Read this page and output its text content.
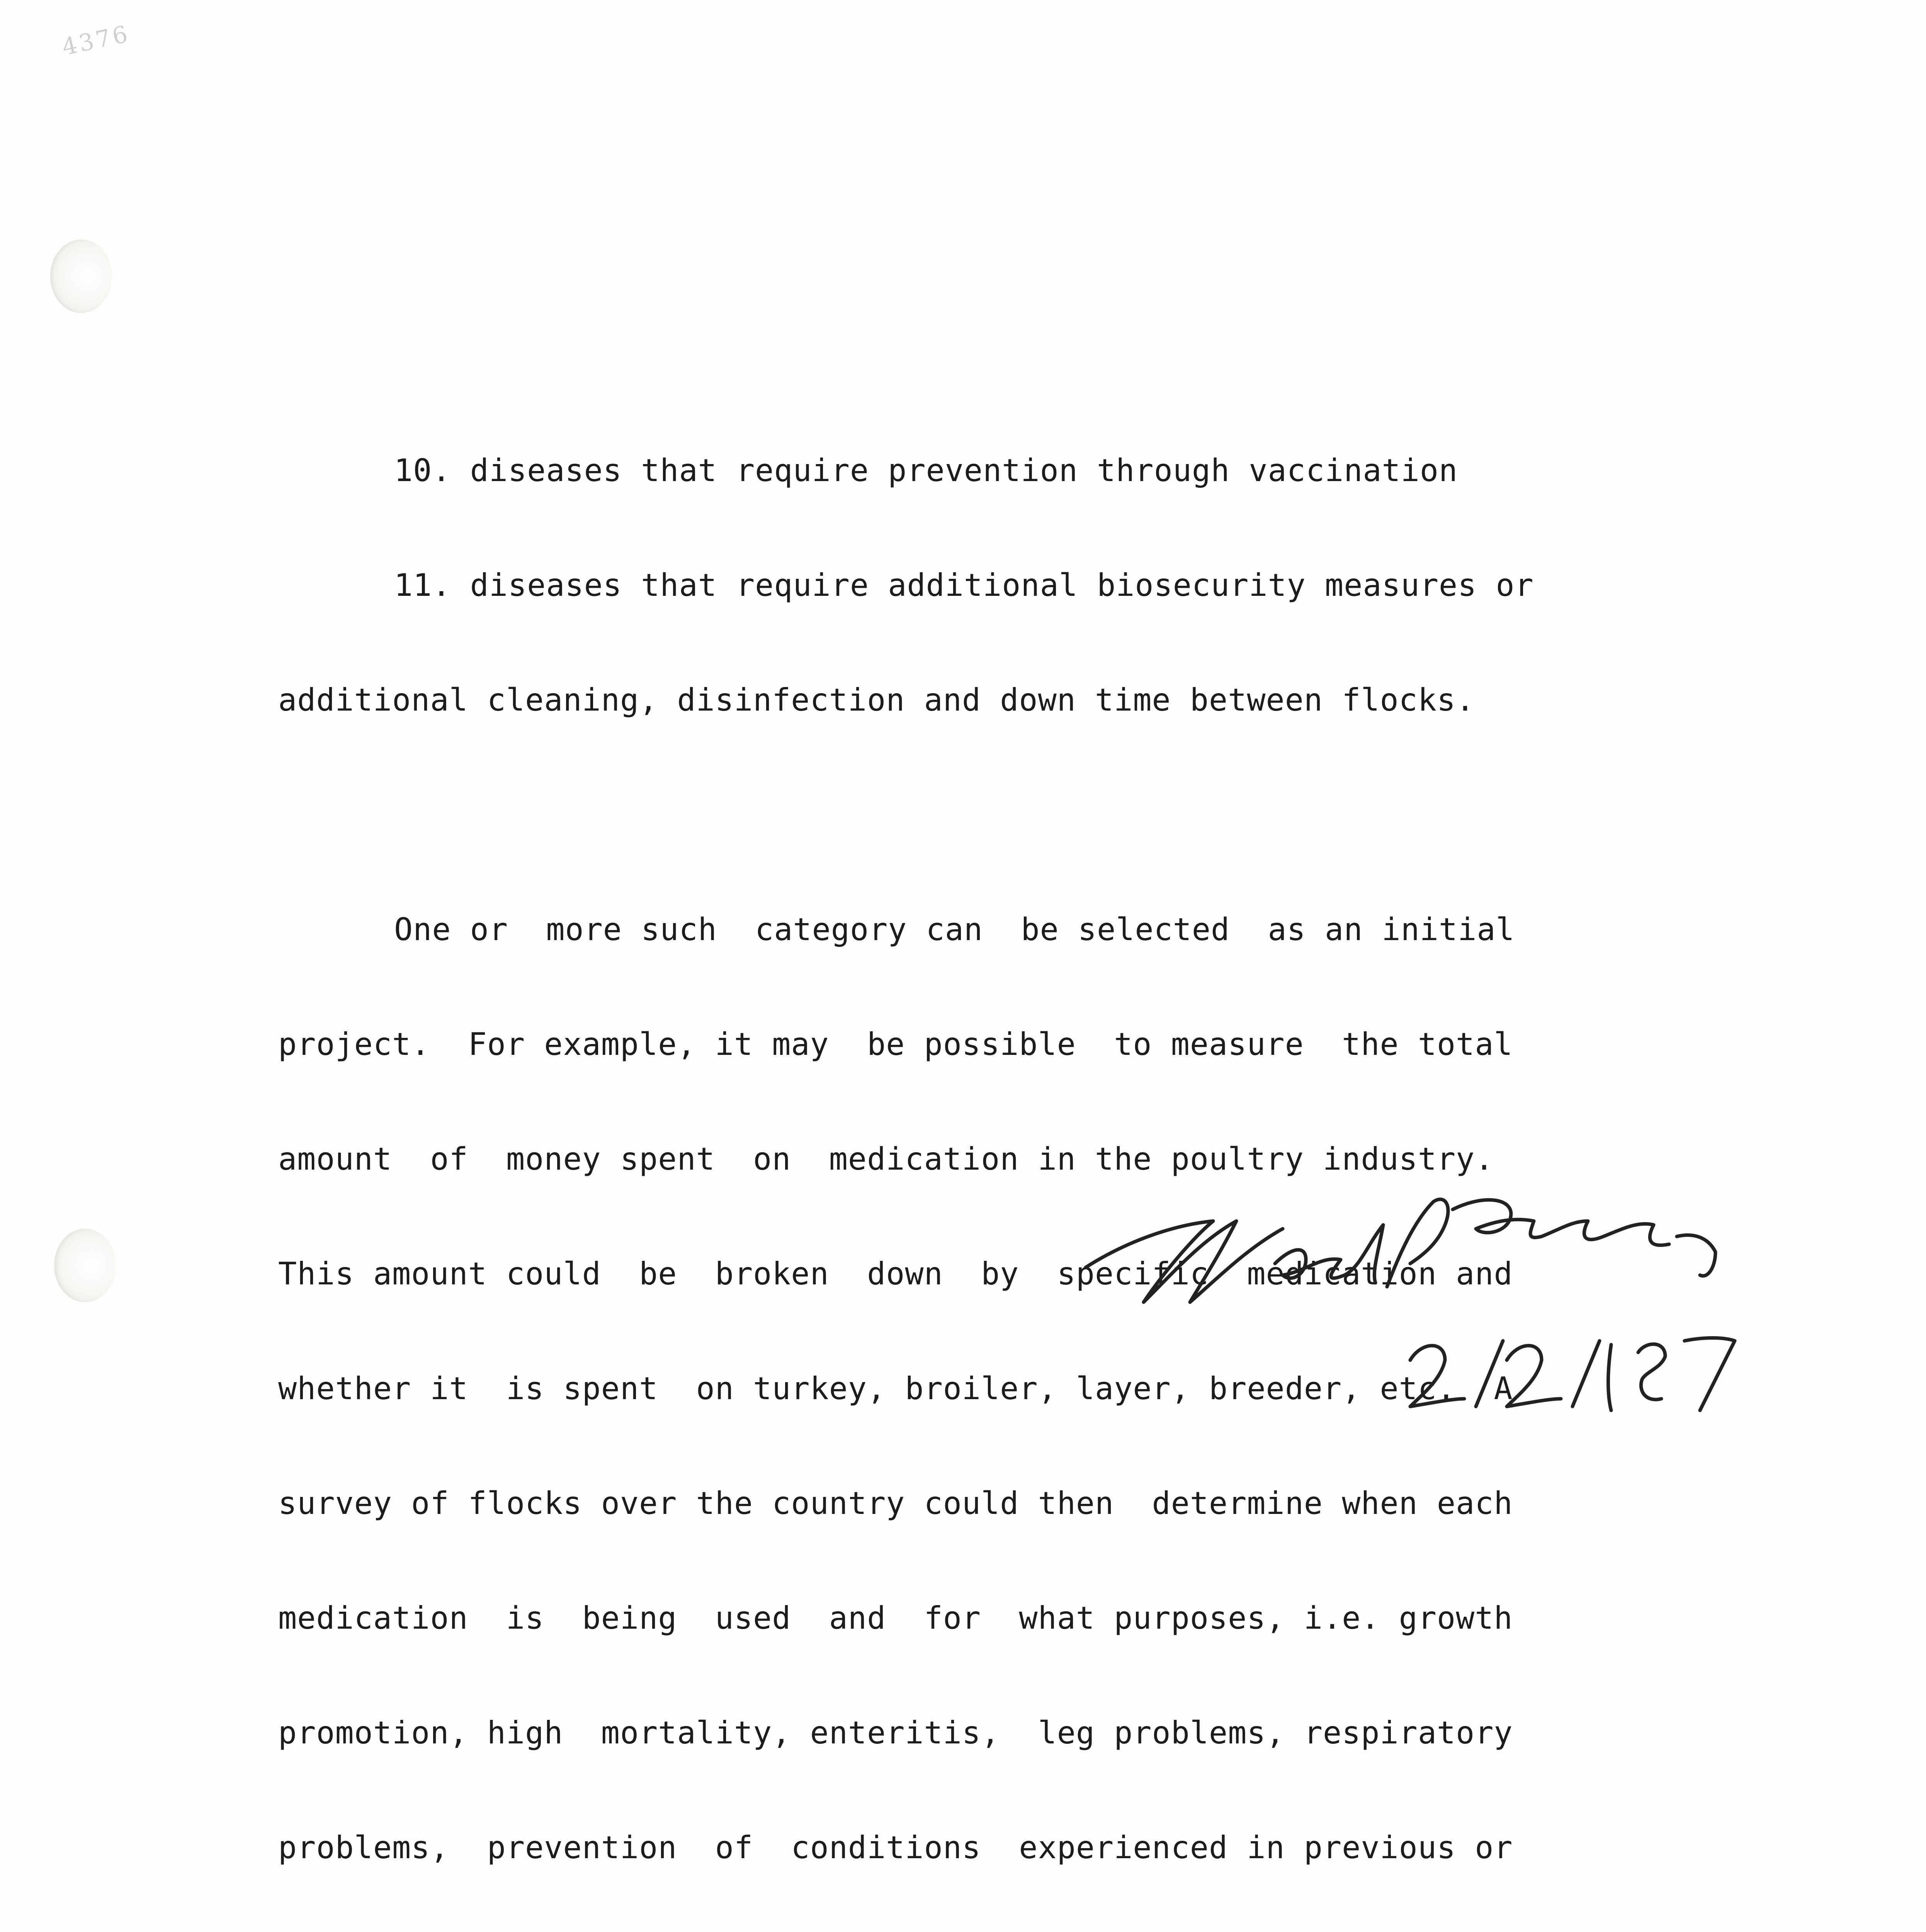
4376

10. diseases that require prevention through vaccination

11. diseases that require additional biosecurity measures or

additional cleaning, disinfection and down time between flocks.

One or  more such  category can  be selected  as an initial

project.  For example, it may  be possible  to measure  the total

amount  of  money spent  on  medication in the poultry industry.

This amount could  be  broken  down  by  specific  medication and

whether it  is spent  on turkey, broiler, layer, breeder, etc.  A

survey of flocks over the country could then  determine when each

medication  is  being  used  and  for  what purposes, i.e. growth

promotion, high  mortality, enteritis,  leg problems, respiratory

problems,  prevention  of  conditions  experienced in previous or
